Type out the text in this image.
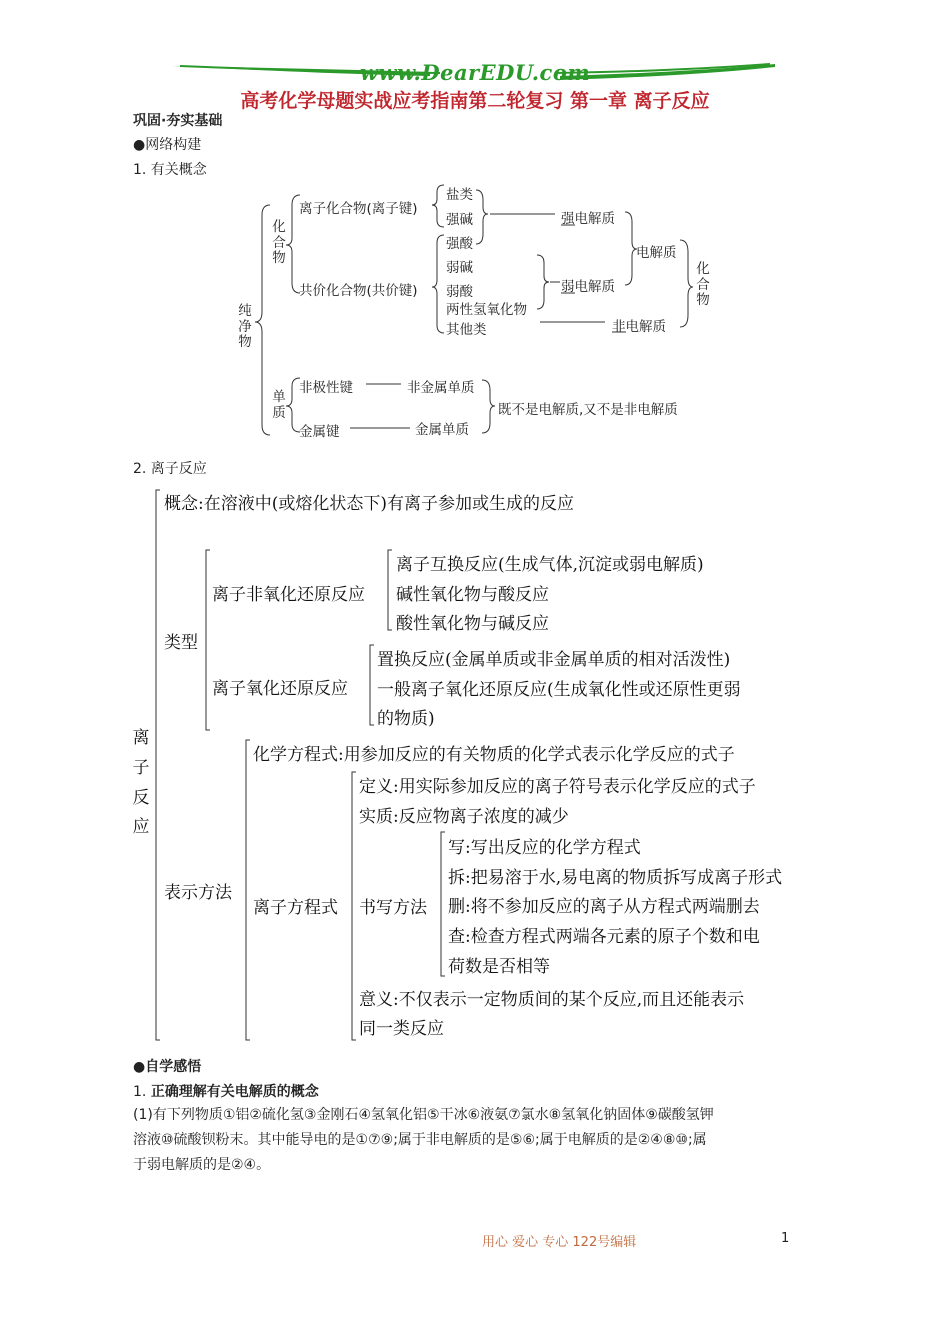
www.DearEDU.com
高考化学母题实战应考指南第二轮复习 第一章 离子反应
巩固·夯实基础
●网络构建
1. 有关概念
纯净物
化合物
单质
离子化合物(离子键)
共价化合物(共价键)
盐类
强碱
强酸
弱碱
弱酸
两性氢氧化物
其他类
强电解质
弱电解质
电解质
非电解质
化合物
非极性键	非金属单质
金属键	金属单质
既不是电解质,又不是非电解质
2. 离子反应
离子反应
概念:在溶液中(或熔化状态下)有离子参加或生成的反应
类型
离子非氧化还原反应
离子互换反应(生成气体,沉淀或弱电解质)
碱性氧化物与酸反应
酸性氧化物与碱反应
离子氧化还原反应
置换反应(金属单质或非金属单质的相对活泼性)
一般离子氧化还原反应(生成氧化性或还原性更弱
的物质)
表示方法
化学方程式:用参加反应的有关物质的化学式表示化学反应的式子
离子方程式
定义:用实际参加反应的离子符号表示化学反应的式子
实质:反应物离子浓度的减少
书写方法
写:写出反应的化学方程式
拆:把易溶于水,易电离的物质拆写成离子形式
删:将不参加反应的离子从方程式两端删去
查:检查方程式两端各元素的原子个数和电
荷数是否相等
意义:不仅表示一定物质间的某个反应,而且还能表示
同一类反应
●自学感悟
1. 正确理解有关电解质的概念
(1)有下列物质①铝②硫化氢③金刚石④氢氧化铝⑤干冰⑥液氨⑦氯水⑧氢氧化钠固体⑨碳酸氢钾
溶液⑩硫酸钡粉末。其中能导电的是①⑦⑨;属于非电解质的是⑤⑥;属于电解质的是②④⑧⑩;属
于弱电解质的是②④。
用心 爱心 专心 122号编辑	1
